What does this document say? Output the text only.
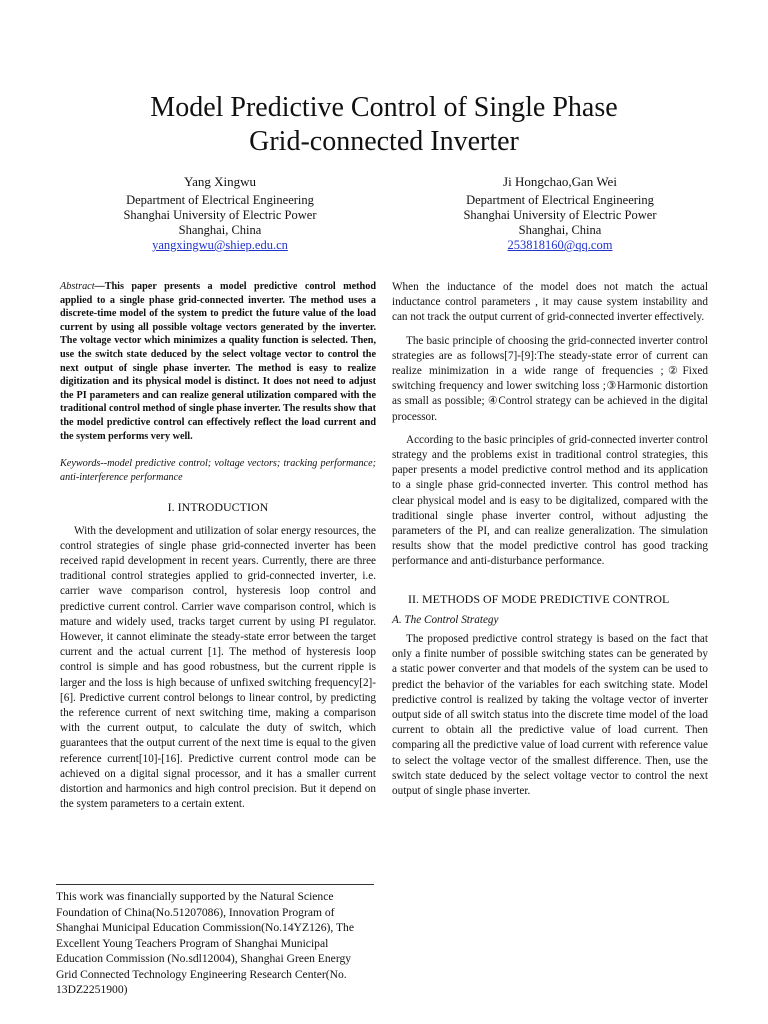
Model Predictive Control of Single Phase
Grid-connected Inverter
Yang Xingwu
Department of Electrical Engineering
Shanghai University of Electric Power
Shanghai, China
yangxingwu@shiep.edu.cn
Ji Hongchao,Gan Wei
Department of Electrical Engineering
Shanghai University of Electric Power
Shanghai, China
253818160@qq.com

Abstract—This paper presents a model predictive control method applied to a single phase grid-connected inverter. The method uses a discrete-time model of the system to predict the future value of the load current by using all possible voltage vectors generated by the inverter. The voltage vector which minimizes a quality function is selected. Then, use the switch state deduced by the select voltage vector to control the next output of single phase inverter. The method is easy to realize digitization and its physical model is distinct. It does not need to adjust the PI parameters and can realize general utilization compared with the traditional control method of single phase inverter. The results show that the model predictive control can effectively reflect the load current and the system performs very well.

Keywords--model predictive control; voltage vectors; tracking performance; anti-interference performance

I. INTRODUCTION

With the development and utilization of solar energy resources, the control strategies of single phase grid-connected inverter has been received rapid development in recent years. Currently, there are three traditional control strategies applied to grid-connected inverter, i.e. carrier wave comparison control, hysteresis loop control and predictive current control. Carrier wave comparison control, which is mature and widely used, tracks target current by using PI regulator. However, it cannot eliminate the steady-state error between the target current and the actual current [1]. The method of hysteresis loop control is simple and has good robustness, but the current ripple is larger and the loss is high because of unfixed switching frequency[2]-[6]. Predictive current control belongs to linear control, by predicting the reference current of next switching time, making a comparison with the current output, to calculate the duty of switch, which guarantees that the output current of the next time is equal to the given reference current[10]-[16]. Predictive current control mode can be achieved on a digital signal processor, and it has a smaller current distortion and harmonics and high control precision. But it depend on the system parameters to a certain extent.

When the inductance of the model does not match the actual inductance control parameters , it may cause system instability and can not track the output current of grid-connected inverter effectively.

The basic principle of choosing the grid-connected inverter control strategies are as follows[7]-[9]:The steady-state error of current can realize minimization in a wide range of frequencies ;②Fixed switching frequency and lower switching loss ;③Harmonic distortion as small as possible; ④Control strategy can be achieved in the digital processor.

According to the basic principles of grid-connected inverter control strategy and the problems exist in traditional control strategies, this paper presents a model predictive control method and its application to a single phase grid-connected inverter. This control method has clear physical model and is easy to be digitalized, compared with the traditional single phase inverter control, without adjusting the parameters of the PI, and can realize generalization. The simulation results show that the model predictive control has good tracking performance and anti-disturbance performance.

II. METHODS OF MODE PREDICTIVE CONTROL
A. The Control Strategy

The proposed predictive control strategy is based on the fact that only a finite number of possible switching states can be generated by a static power converter and that models of the system can be used to predict the behavior of the variables for each switching state. Model predictive control is realized by taking the voltage vector of inverter output side of all switch status into the discrete time model of the load current to obtain all the predictive value of load current. Then comparing all the predictive value of load current with reference value to select the voltage vector of the smallest difference. Then, use the switch state deduced by the select voltage vector to control the next output of single phase inverter.

This work was financially supported by the Natural Science Foundation of China(No.51207086), Innovation Program of Shanghai Municipal Education Commission(No.14YZ126), The Excellent Young Teachers Program of Shanghai Municipal Education Commission (No.sdl12004), Shanghai Green Energy Grid Connected Technology Engineering Research Center(No. 13DZ2251900)
